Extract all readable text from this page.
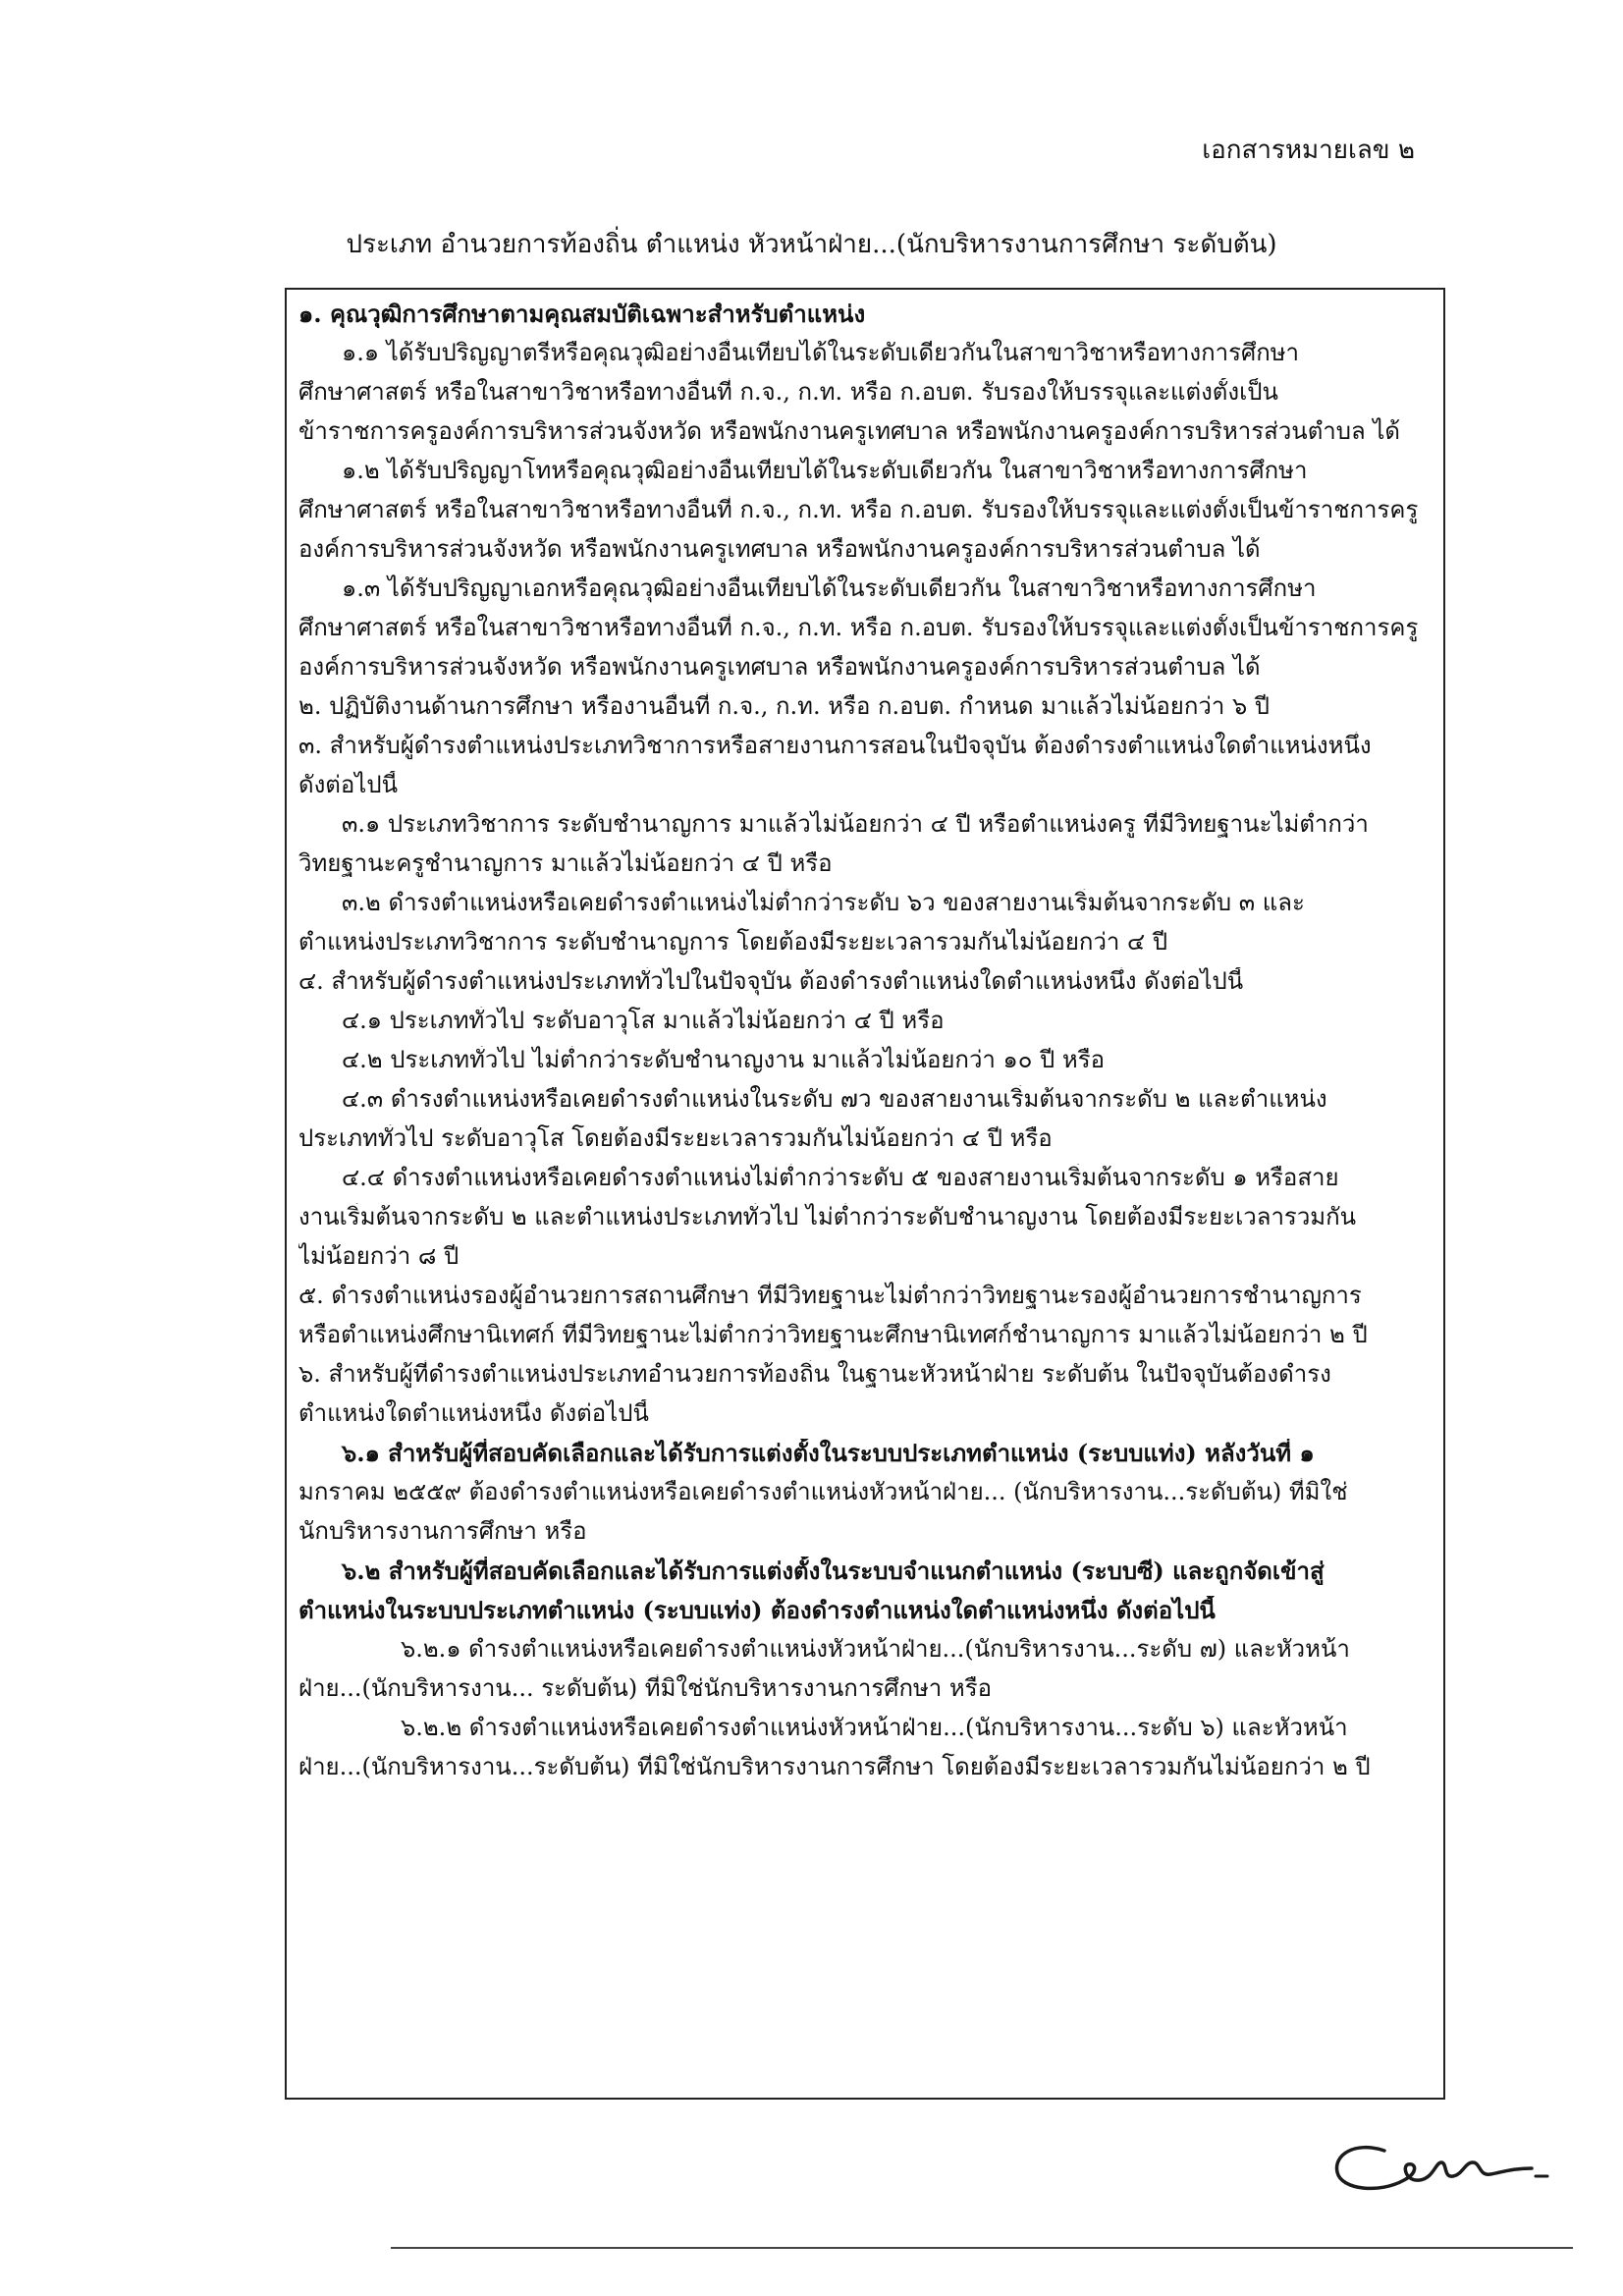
เอกสารหมายเลข ๒
ประเภท อำนวยการท้องถิ่น ตำแหน่ง หัวหน้าฝ่าย...(นักบริหารงานการศึกษา ระดับต้น)
๑. คุณวุฒิการศึกษาตามคุณสมบัติเฉพาะสำหรับตำแหน่ง
๑.๑ ได้รับปริญญาตรีหรือคุณวุฒิอย่างอื่นเทียบได้ในระดับเดียวกันในสาขาวิชาหรือทางการศึกษา
ศึกษาศาสตร์ หรือในสาขาวิชาหรือทางอื่นที่ ก.จ., ก.ท. หรือ ก.อบต. รับรองให้บรรจุและแต่งตั้งเป็น
ข้าราชการครูองค์การบริหารส่วนจังหวัด หรือพนักงานครูเทศบาล หรือพนักงานครูองค์การบริหารส่วนตำบล ได้
๑.๒ ได้รับปริญญาโทหรือคุณวุฒิอย่างอื่นเทียบได้ในระดับเดียวกัน ในสาขาวิชาหรือทางการศึกษา
ศึกษาศาสตร์ หรือในสาขาวิชาหรือทางอื่นที่ ก.จ., ก.ท. หรือ ก.อบต. รับรองให้บรรจุและแต่งตั้งเป็นข้าราชการครู
องค์การบริหารส่วนจังหวัด หรือพนักงานครูเทศบาล หรือพนักงานครูองค์การบริหารส่วนตำบล ได้
๑.๓ ได้รับปริญญาเอกหรือคุณวุฒิอย่างอื่นเทียบได้ในระดับเดียวกัน ในสาขาวิชาหรือทางการศึกษา
ศึกษาศาสตร์ หรือในสาขาวิชาหรือทางอื่นที่ ก.จ., ก.ท. หรือ ก.อบต. รับรองให้บรรจุและแต่งตั้งเป็นข้าราชการครู
องค์การบริหารส่วนจังหวัด หรือพนักงานครูเทศบาล หรือพนักงานครูองค์การบริหารส่วนตำบล ได้
๒. ปฏิบัติงานด้านการศึกษา หรืองานอื่นที่ ก.จ., ก.ท. หรือ ก.อบต. กำหนด มาแล้วไม่น้อยกว่า ๖ ปี
๓. สำหรับผู้ดำรงตำแหน่งประเภทวิชาการหรือสายงานการสอนในปัจจุบัน ต้องดำรงตำแหน่งใดตำแหน่งหนึ่ง
ดังต่อไปนี้
๓.๑ ประเภทวิชาการ ระดับชำนาญการ มาแล้วไม่น้อยกว่า ๔ ปี หรือตำแหน่งครู ที่มีวิทยฐานะไม่ต่ำกว่า
วิทยฐานะครูชำนาญการ มาแล้วไม่น้อยกว่า ๔ ปี หรือ
๓.๒ ดำรงตำแหน่งหรือเคยดำรงตำแหน่งไม่ต่ำกว่าระดับ ๖ว ของสายงานเริ่มต้นจากระดับ ๓ และ
ตำแหน่งประเภทวิชาการ ระดับชำนาญการ โดยต้องมีระยะเวลารวมกันไม่น้อยกว่า ๔ ปี
๔. สำหรับผู้ดำรงตำแหน่งประเภททั่วไปในปัจจุบัน ต้องดำรงตำแหน่งใดตำแหน่งหนึ่ง ดังต่อไปนี้
๔.๑ ประเภททั่วไป ระดับอาวุโส มาแล้วไม่น้อยกว่า ๔ ปี หรือ
๔.๒ ประเภททั่วไป ไม่ต่ำกว่าระดับชำนาญงาน มาแล้วไม่น้อยกว่า ๑๐ ปี หรือ
๔.๓ ดำรงตำแหน่งหรือเคยดำรงตำแหน่งในระดับ ๗ว ของสายงานเริ่มต้นจากระดับ ๒ และตำแหน่ง
ประเภททั่วไป ระดับอาวุโส โดยต้องมีระยะเวลารวมกันไม่น้อยกว่า ๔ ปี หรือ
๔.๔ ดำรงตำแหน่งหรือเคยดำรงตำแหน่งไม่ต่ำกว่าระดับ ๕ ของสายงานเริ่มต้นจากระดับ ๑ หรือสาย
งานเริ่มต้นจากระดับ ๒ และตำแหน่งประเภททั่วไป ไม่ต่ำกว่าระดับชำนาญงาน โดยต้องมีระยะเวลารวมกัน
ไม่น้อยกว่า ๘ ปี
๕. ดำรงตำแหน่งรองผู้อำนวยการสถานศึกษา ที่มีวิทยฐานะไม่ต่ำกว่าวิทยฐานะรองผู้อำนวยการชำนาญการ
หรือตำแหน่งศึกษานิเทศก์ ที่มีวิทยฐานะไม่ต่ำกว่าวิทยฐานะศึกษานิเทศก์ชำนาญการ มาแล้วไม่น้อยกว่า ๒ ปี
๖. สำหรับผู้ที่ดำรงตำแหน่งประเภทอำนวยการท้องถิ่น ในฐานะหัวหน้าฝ่าย ระดับต้น ในปัจจุบันต้องดำรง
ตำแหน่งใดตำแหน่งหนึ่ง ดังต่อไปนี้
๖.๑ สำหรับผู้ที่สอบคัดเลือกและได้รับการแต่งตั้งในระบบประเภทตำแหน่ง (ระบบแท่ง) หลังวันที่ ๑
มกราคม ๒๕๕๙ ต้องดำรงตำแหน่งหรือเคยดำรงตำแหน่งหัวหน้าฝ่าย... (นักบริหารงาน...ระดับต้น) ที่มิใช่
นักบริหารงานการศึกษา หรือ
๖.๒ สำหรับผู้ที่สอบคัดเลือกและได้รับการแต่งตั้งในระบบจำแนกตำแหน่ง (ระบบซี) และถูกจัดเข้าสู่
ตำแหน่งในระบบประเภทตำแหน่ง (ระบบแท่ง) ต้องดำรงตำแหน่งใดตำแหน่งหนึ่ง ดังต่อไปนี้
๖.๒.๑ ดำรงตำแหน่งหรือเคยดำรงตำแหน่งหัวหน้าฝ่าย...(นักบริหารงาน...ระดับ ๗) และหัวหน้า
ฝ่าย...(นักบริหารงาน... ระดับต้น) ที่มิใช่นักบริหารงานการศึกษา หรือ
๖.๒.๒ ดำรงตำแหน่งหรือเคยดำรงตำแหน่งหัวหน้าฝ่าย...(นักบริหารงาน...ระดับ ๖) และหัวหน้า
ฝ่าย...(นักบริหารงาน...ระดับต้น) ที่มิใช่นักบริหารงานการศึกษา โดยต้องมีระยะเวลารวมกันไม่น้อยกว่า ๒ ปี
